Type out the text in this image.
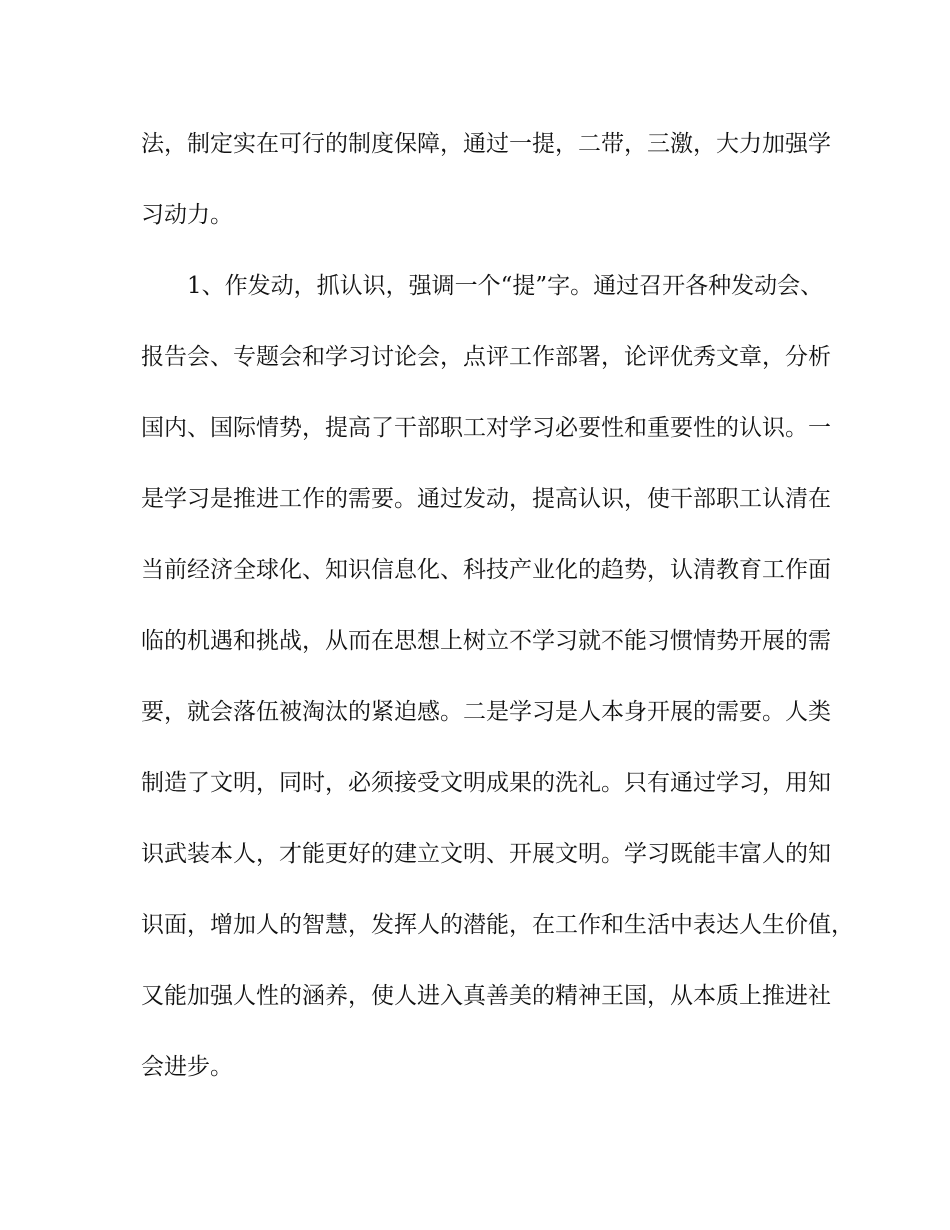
法，制定实在可行的制度保障，通过一提，二带，三激，大力加强学
习动力。
1、作发动，抓认识，强调一个“提”字。通过召开各种发动会、
报告会、专题会和学习讨论会，点评工作部署，论评优秀文章，分析
国内、国际情势，提高了干部职工对学习必要性和重要性的认识。一
是学习是推进工作的需要。通过发动，提高认识，使干部职工认清在
当前经济全球化、知识信息化、科技产业化的趋势，认清教育工作面
临的机遇和挑战，从而在思想上树立不学习就不能习惯情势开展的需
要，就会落伍被淘汰的紧迫感。二是学习是人本身开展的需要。人类
制造了文明，同时，必须接受文明成果的洗礼。只有通过学习，用知
识武装本人，才能更好的建立文明、开展文明。学习既能丰富人的知
识面，增加人的智慧，发挥人的潜能，在工作和生活中表达人生价值，
又能加强人性的涵养，使人进入真善美的精神王国，从本质上推进社
会进步。
